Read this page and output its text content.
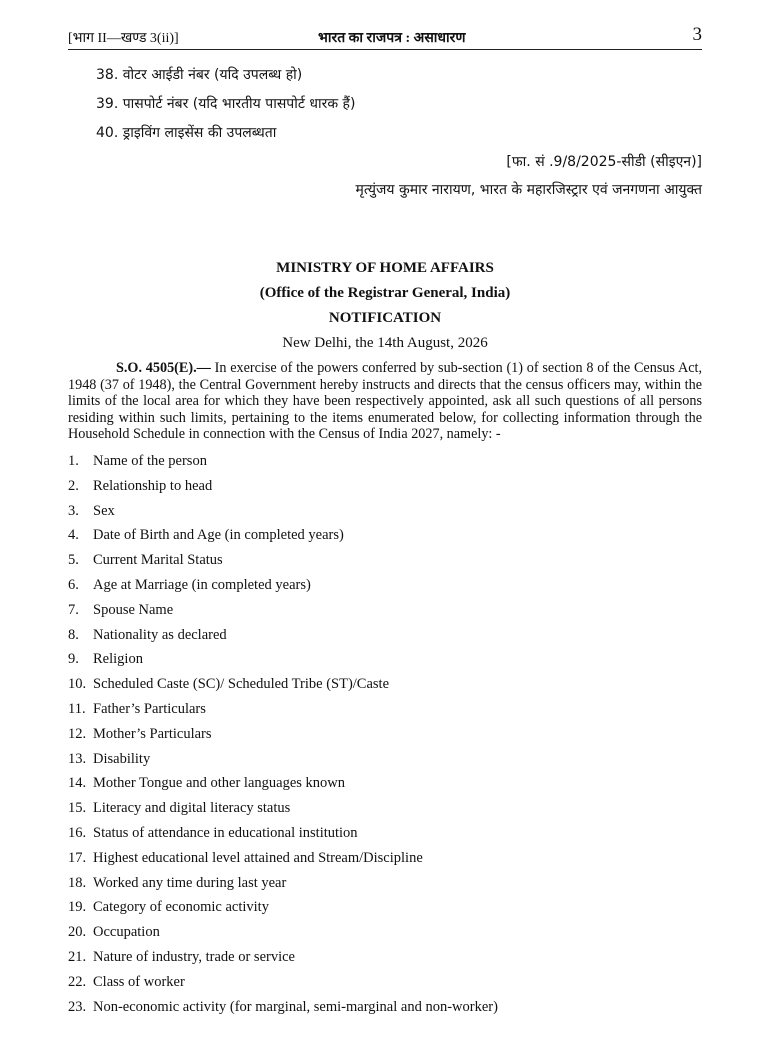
[भाग II—खण्ड 3(ii)]	भारत का राजपत्र : असाधारण	3
38. वोटर आईडी नंबर (यदि उपलब्ध हो)
39. पासपोर्ट नंबर (यदि भारतीय पासपोर्ट धारक हैं)
40. ड्राइविंग लाइसेंस की उपलब्धता
[फा. सं .9/8/2025-सीडी (सीइएन)]
मृत्युंजय कुमार नारायण, भारत के महारजिस्ट्रार एवं जनगणना आयुक्त
MINISTRY OF HOME AFFAIRS
(Office of the Registrar General, India)
NOTIFICATION
New Delhi, the 14th August, 2026
S.O. 4505(E).— In exercise of the powers conferred by sub-section (1) of section 8 of the Census Act, 1948 (37 of 1948), the Central Government hereby instructs and directs that the census officers may, within the limits of the local area for which they have been respectively appointed, ask all such questions of all persons residing within such limits, pertaining to the items enumerated below, for collecting information through the Household Schedule in connection with the Census of India 2027, namely: -
1. Name of the person
2. Relationship to head
3. Sex
4. Date of Birth and Age (in completed years)
5. Current Marital Status
6. Age at Marriage (in completed years)
7. Spouse Name
8. Nationality as declared
9. Religion
10. Scheduled Caste (SC)/ Scheduled Tribe (ST)/Caste
11. Father’s Particulars
12. Mother’s Particulars
13. Disability
14. Mother Tongue and other languages known
15. Literacy and digital literacy status
16. Status of attendance in educational institution
17. Highest educational level attained and Stream/Discipline
18. Worked any time during last year
19. Category of economic activity
20. Occupation
21. Nature of industry, trade or service
22. Class of worker
23. Non-economic activity (for marginal, semi-marginal and non-worker)
